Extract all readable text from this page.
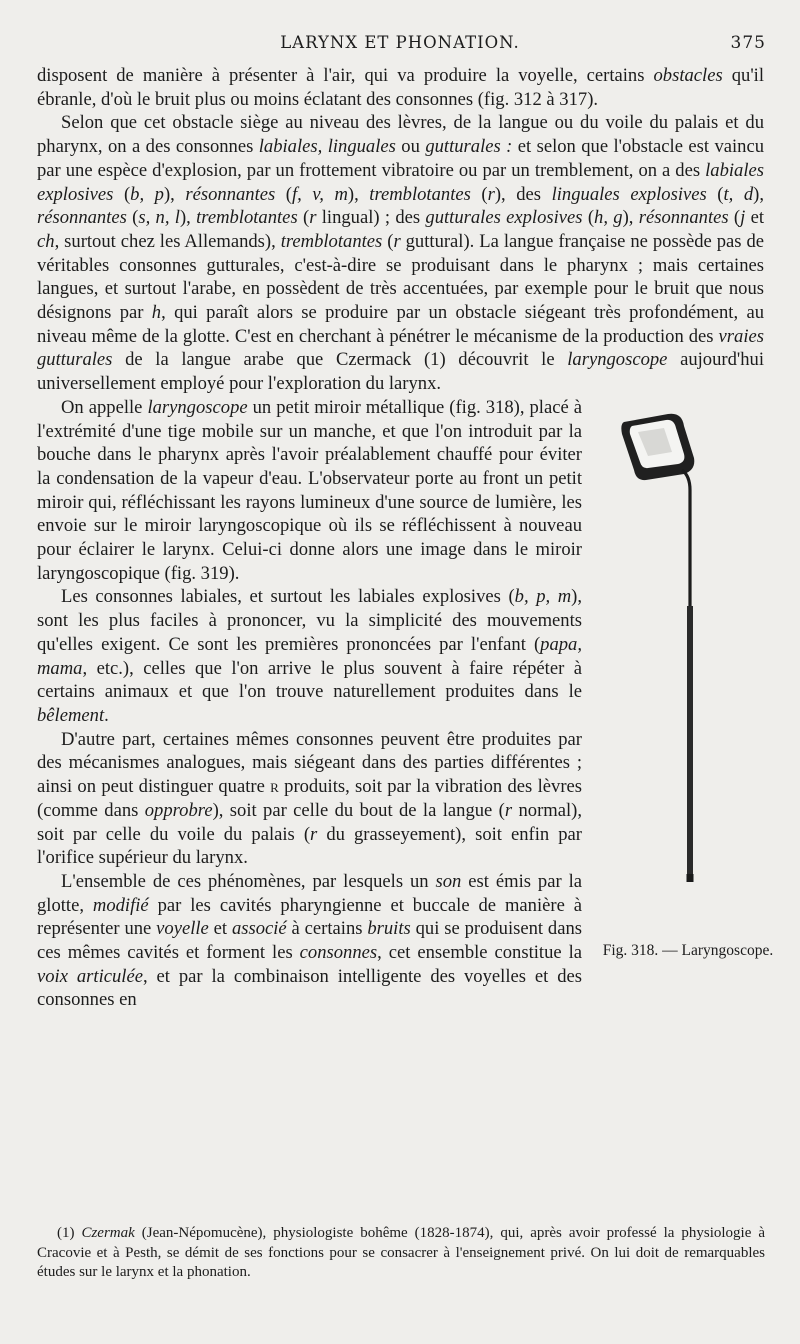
LARYNX ET PHONATION.	375

disposent de manière à présenter à l'air, qui va produire la voyelle, certains obstacles qu'il ébranle, d'où le bruit plus ou moins éclatant des consonnes (fig. 312 à 317).

Selon que cet obstacle siège au niveau des lèvres, de la langue ou du voile du palais et du pharynx, on a des consonnes labiales, linguales ou gutturales : et selon que l'obstacle est vaincu par une espèce d'explosion, par un frottement vibratoire ou par un tremblement, on a des labiales explosives (b, p), résonnantes (f, v, m), tremblotantes (r), des linguales explosives (t, d), résonnantes (s, n, l), tremblotantes (r lingual) ; des gutturales explosives (h, g), résonnantes (j et ch, surtout chez les Allemands), tremblotantes (r guttural). La langue française ne possède pas de véritables consonnes gutturales, c'est-à-dire se produisant dans le pharynx ; mais certaines langues, et surtout l'arabe, en possèdent de très accentuées, par exemple pour le bruit que nous désignons par h, qui paraît alors se produire par un obstacle siégeant très profondément, au niveau même de la glotte. C'est en cherchant à pénétrer le mécanisme de la production des vraies gutturales de la langue arabe que Czermack (1) découvrit le laryngoscope aujourd'hui universellement employé pour l'exploration du larynx.

Fig. 318. — Laryngoscope.

On appelle laryngoscope un petit miroir métallique (fig. 318), placé à l'extrémité d'une tige mobile sur un manche, et que l'on introduit par la bouche dans le pharynx après l'avoir préalablement chauffé pour éviter la condensation de la vapeur d'eau. L'observateur porte au front un petit miroir qui, réfléchissant les rayons lumineux d'une source de lumière, les envoie sur le miroir laryngoscopique où ils se réfléchissent à nouveau pour éclairer le larynx. Celui-ci donne alors une image dans le miroir laryngoscopique (fig. 319).

Les consonnes labiales, et surtout les labiales explosives (b, p, m), sont les plus faciles à prononcer, vu la simplicité des mouvements qu'elles exigent. Ce sont les premières prononcées par l'enfant (papa, mama, etc.), celles que l'on arrive le plus souvent à faire répéter à certains animaux et que l'on trouve naturellement produites dans le bêlement.

D'autre part, certaines mêmes consonnes peuvent être produites par des mécanismes analogues, mais siégeant dans des parties différentes ; ainsi on peut distinguer quatre r produits, soit par la vibration des lèvres (comme dans opprobre), soit par celle du bout de la langue (r normal), soit par celle du voile du palais (r du grasseyement), soit enfin par l'orifice supérieur du larynx.

L'ensemble de ces phénomènes, par lesquels un son est émis par la glotte, modifié par les cavités pharyngienne et buccale de manière à représenter une voyelle et associé à certains bruits qui se produisent dans ces mêmes cavités et forment les consonnes, cet ensemble constitue la voix articulée, et par la combinaison intelligente des voyelles et des consonnes en

(1) Czermak (Jean-Népomucène), physiologiste bohême (1828-1874), qui, après avoir professé la physiologie à Cracovie et à Pesth, se démit de ses fonctions pour se consacrer à l'enseignement privé. On lui doit de remarquables études sur le larynx et la phonation.
